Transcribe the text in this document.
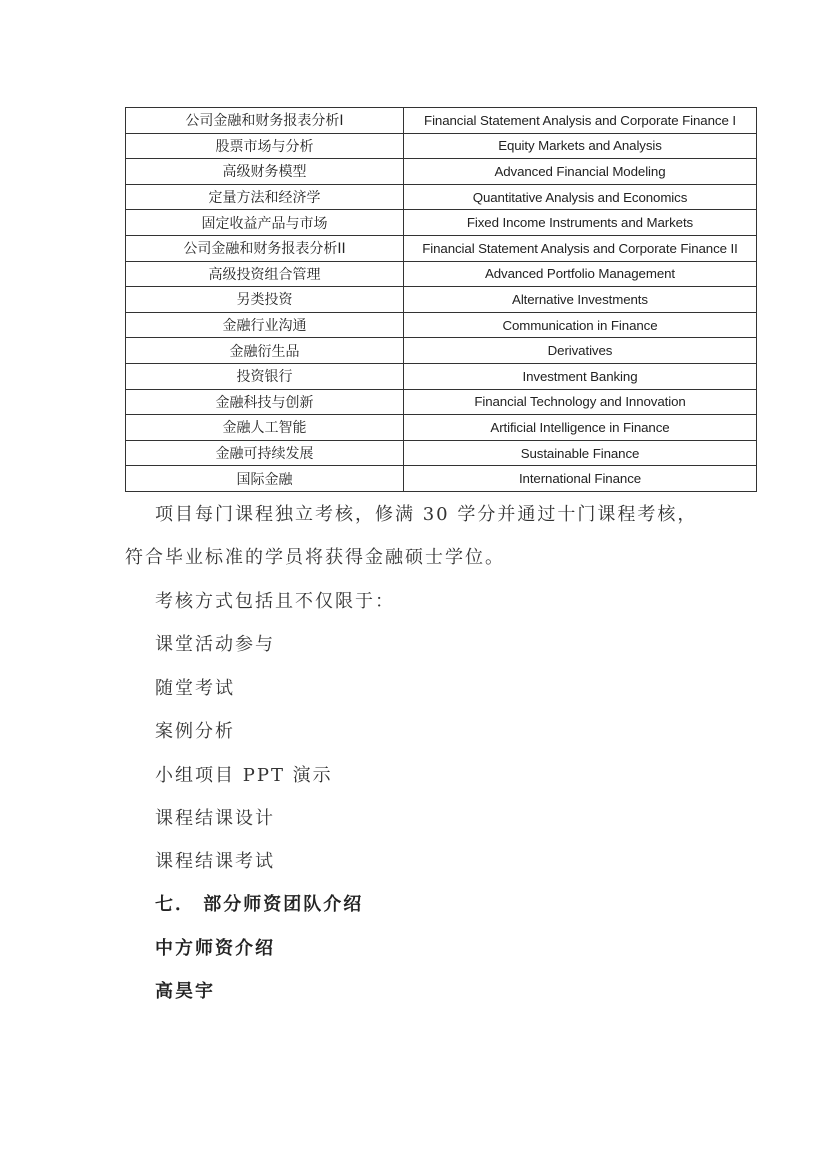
公司金融和财务报表分析I	Financial Statement Analysis and Corporate Finance I
股票市场与分析	Equity Markets and Analysis
高级财务模型	Advanced Financial Modeling
定量方法和经济学	Quantitative Analysis and Economics
固定收益产品与市场	Fixed Income Instruments and Markets
公司金融和财务报表分析II	Financial Statement Analysis and Corporate Finance II
高级投资组合管理	Advanced Portfolio Management
另类投资	Alternative Investments
金融行业沟通	Communication in Finance
金融衍生品	Derivatives
投资银行	Investment Banking
金融科技与创新	Financial Technology and Innovation
金融人工智能	Artificial Intelligence in Finance
金融可持续发展	Sustainable Finance
国际金融	International Finance

项目每门课程独立考核，修满 30 学分并通过十门课程考核，

符合毕业标准的学员将获得金融硕士学位。

考核方式包括且不仅限于：

课堂活动参与

随堂考试

案例分析

小组项目 PPT 演示

课程结课设计

课程结课考试

七． 部分师资团队介绍

中方师资介绍

高昊宇
